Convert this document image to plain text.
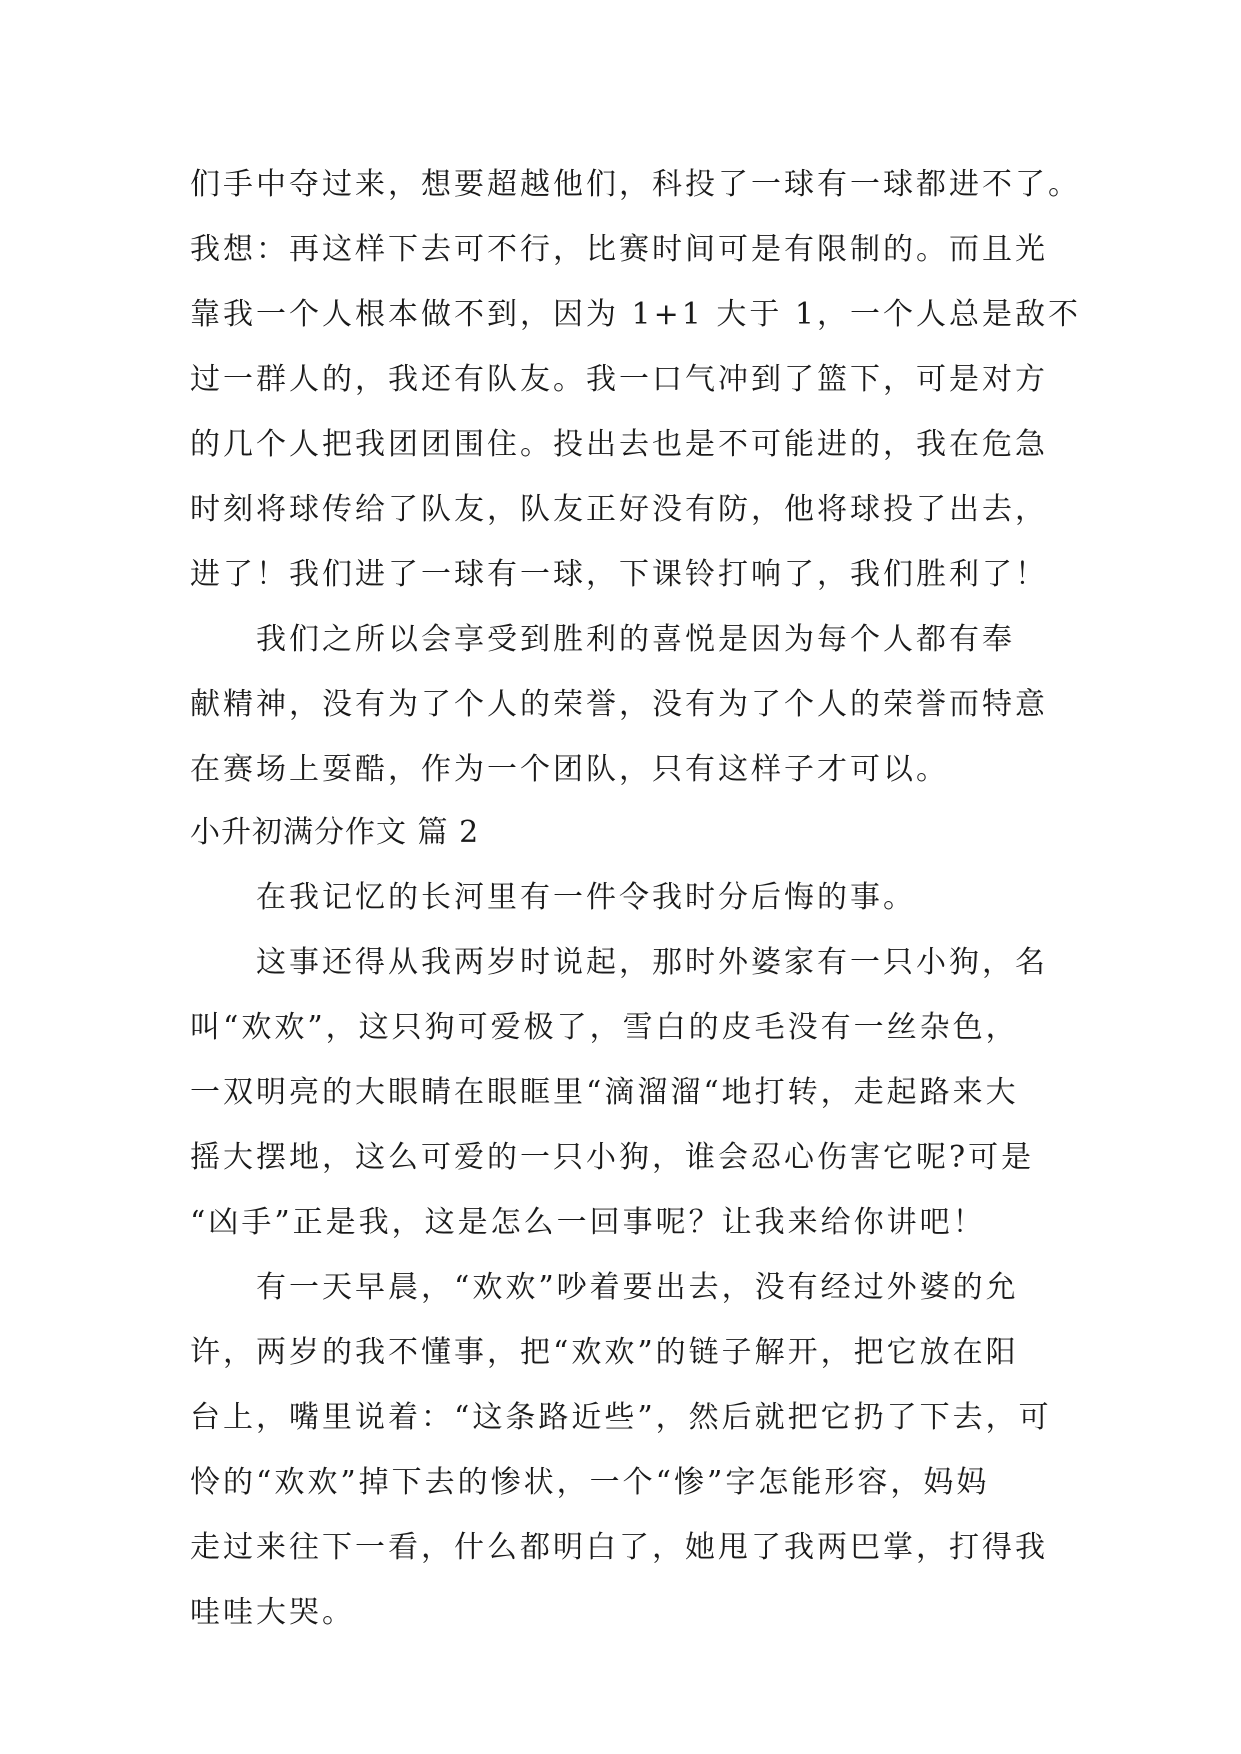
们手中夺过来，想要超越他们，科投了一球有一球都进不了。
我想：再这样下去可不行，比赛时间可是有限制的。而且光
靠我一个人根本做不到，因为 1+1 大于 1，一个人总是敌不
过一群人的，我还有队友。我一口气冲到了篮下，可是对方
的几个人把我团团围住。投出去也是不可能进的，我在危急
时刻将球传给了队友，队友正好没有防，他将球投了出去，
进了！我们进了一球有一球，下课铃打响了，我们胜利了！
我们之所以会享受到胜利的喜悦是因为每个人都有奉
献精神，没有为了个人的荣誉，没有为了个人的荣誉而特意
在赛场上耍酷，作为一个团队，只有这样子才可以。
小升初满分作文 篇 2
在我记忆的长河里有一件令我时分后悔的事。
这事还得从我两岁时说起，那时外婆家有一只小狗，名
叫“欢欢”，这只狗可爱极了，雪白的皮毛没有一丝杂色，
一双明亮的大眼睛在眼眶里“滴溜溜“地打转，走起路来大
摇大摆地，这么可爱的一只小狗，谁会忍心伤害它呢?可是
“凶手”正是我，这是怎么一回事呢？让我来给你讲吧！
有一天早晨，“欢欢”吵着要出去，没有经过外婆的允
许，两岁的我不懂事，把“欢欢”的链子解开，把它放在阳
台上，嘴里说着：“这条路近些”，然后就把它扔了下去，可
怜的“欢欢”掉下去的惨状，一个“惨”字怎能形容，妈妈
走过来往下一看，什么都明白了，她甩了我两巴掌，打得我
哇哇大哭。
